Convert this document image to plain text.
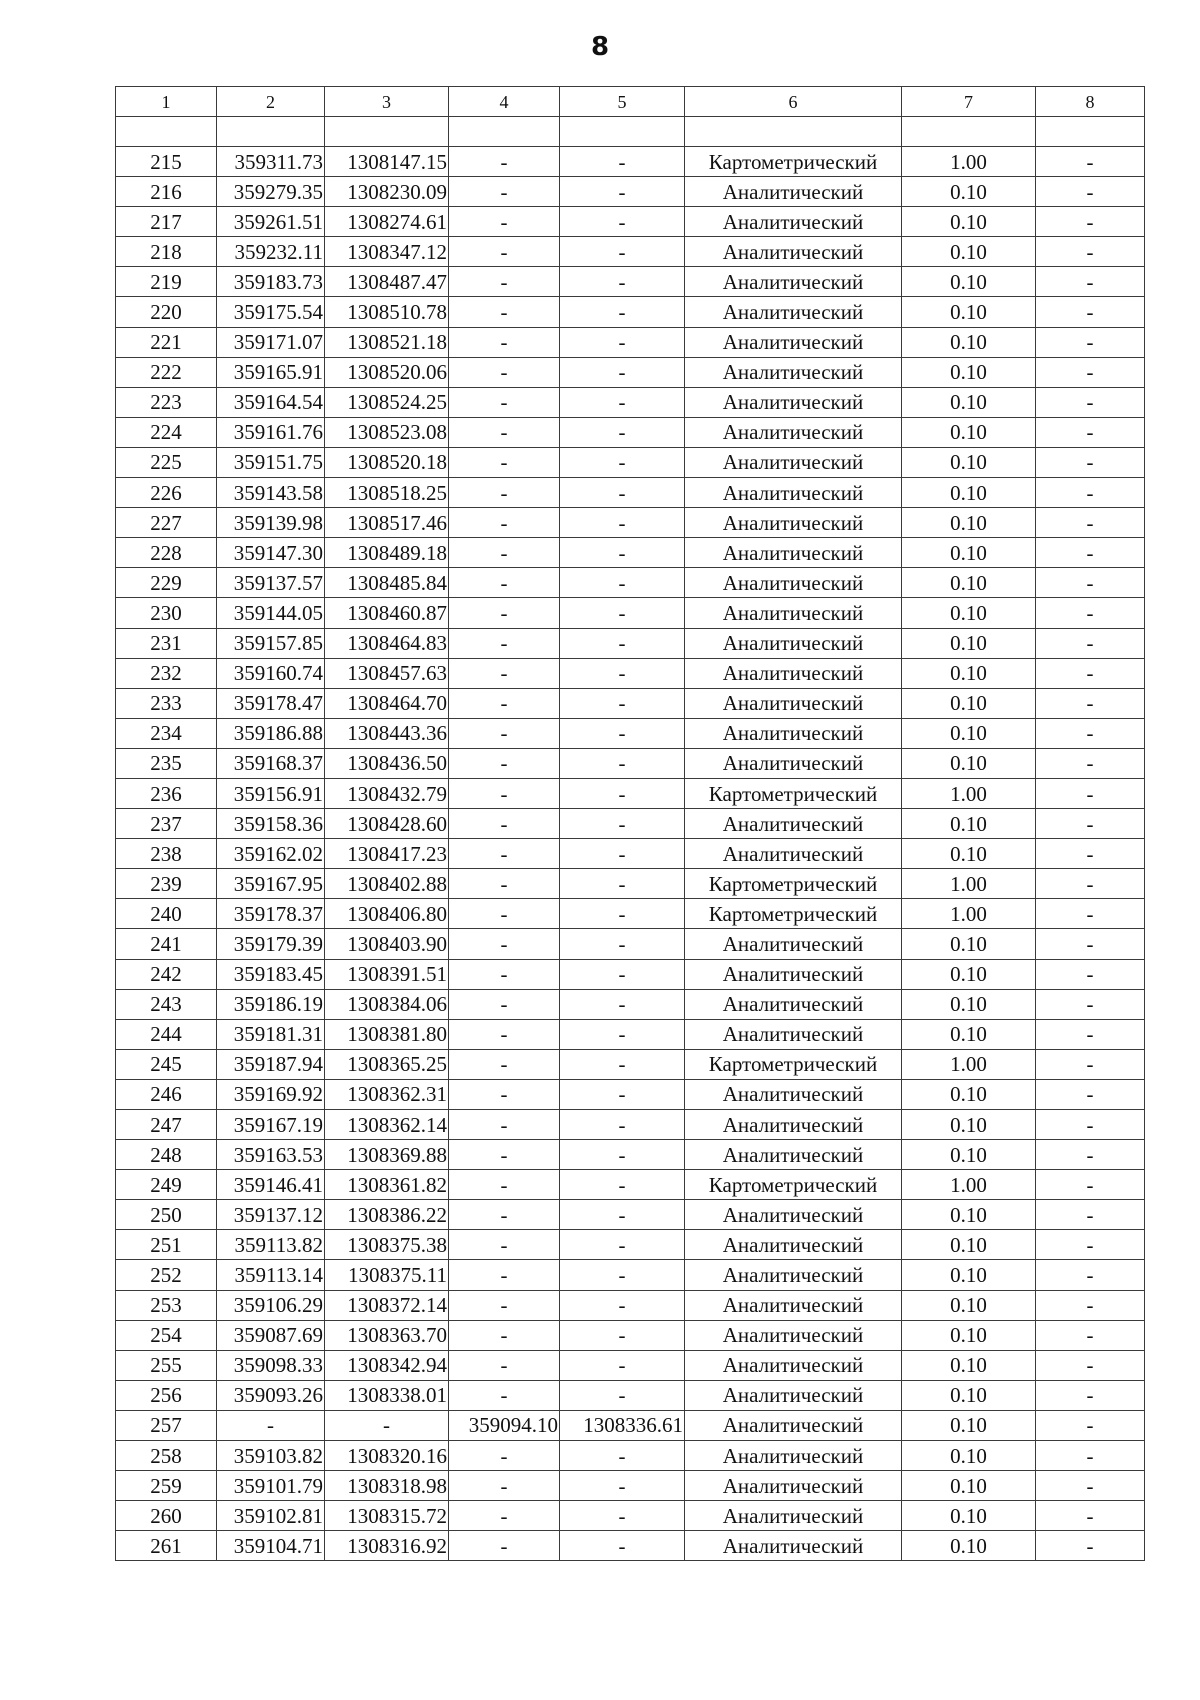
8
1	2	3	4	5	6	7	8

215	359311.73	1308147.15	-	-	Картометрический	1.00	-
216	359279.35	1308230.09	-	-	Аналитический	0.10	-
217	359261.51	1308274.61	-	-	Аналитический	0.10	-
218	359232.11	1308347.12	-	-	Аналитический	0.10	-
219	359183.73	1308487.47	-	-	Аналитический	0.10	-
220	359175.54	1308510.78	-	-	Аналитический	0.10	-
221	359171.07	1308521.18	-	-	Аналитический	0.10	-
222	359165.91	1308520.06	-	-	Аналитический	0.10	-
223	359164.54	1308524.25	-	-	Аналитический	0.10	-
224	359161.76	1308523.08	-	-	Аналитический	0.10	-
225	359151.75	1308520.18	-	-	Аналитический	0.10	-
226	359143.58	1308518.25	-	-	Аналитический	0.10	-
227	359139.98	1308517.46	-	-	Аналитический	0.10	-
228	359147.30	1308489.18	-	-	Аналитический	0.10	-
229	359137.57	1308485.84	-	-	Аналитический	0.10	-
230	359144.05	1308460.87	-	-	Аналитический	0.10	-
231	359157.85	1308464.83	-	-	Аналитический	0.10	-
232	359160.74	1308457.63	-	-	Аналитический	0.10	-
233	359178.47	1308464.70	-	-	Аналитический	0.10	-
234	359186.88	1308443.36	-	-	Аналитический	0.10	-
235	359168.37	1308436.50	-	-	Аналитический	0.10	-
236	359156.91	1308432.79	-	-	Картометрический	1.00	-
237	359158.36	1308428.60	-	-	Аналитический	0.10	-
238	359162.02	1308417.23	-	-	Аналитический	0.10	-
239	359167.95	1308402.88	-	-	Картометрический	1.00	-
240	359178.37	1308406.80	-	-	Картометрический	1.00	-
241	359179.39	1308403.90	-	-	Аналитический	0.10	-
242	359183.45	1308391.51	-	-	Аналитический	0.10	-
243	359186.19	1308384.06	-	-	Аналитический	0.10	-
244	359181.31	1308381.80	-	-	Аналитический	0.10	-
245	359187.94	1308365.25	-	-	Картометрический	1.00	-
246	359169.92	1308362.31	-	-	Аналитический	0.10	-
247	359167.19	1308362.14	-	-	Аналитический	0.10	-
248	359163.53	1308369.88	-	-	Аналитический	0.10	-
249	359146.41	1308361.82	-	-	Картометрический	1.00	-
250	359137.12	1308386.22	-	-	Аналитический	0.10	-
251	359113.82	1308375.38	-	-	Аналитический	0.10	-
252	359113.14	1308375.11	-	-	Аналитический	0.10	-
253	359106.29	1308372.14	-	-	Аналитический	0.10	-
254	359087.69	1308363.70	-	-	Аналитический	0.10	-
255	359098.33	1308342.94	-	-	Аналитический	0.10	-
256	359093.26	1308338.01	-	-	Аналитический	0.10	-
257	-	-	359094.10	1308336.61	Аналитический	0.10	-
258	359103.82	1308320.16	-	-	Аналитический	0.10	-
259	359101.79	1308318.98	-	-	Аналитический	0.10	-
260	359102.81	1308315.72	-	-	Аналитический	0.10	-
261	359104.71	1308316.92	-	-	Аналитический	0.10	-
